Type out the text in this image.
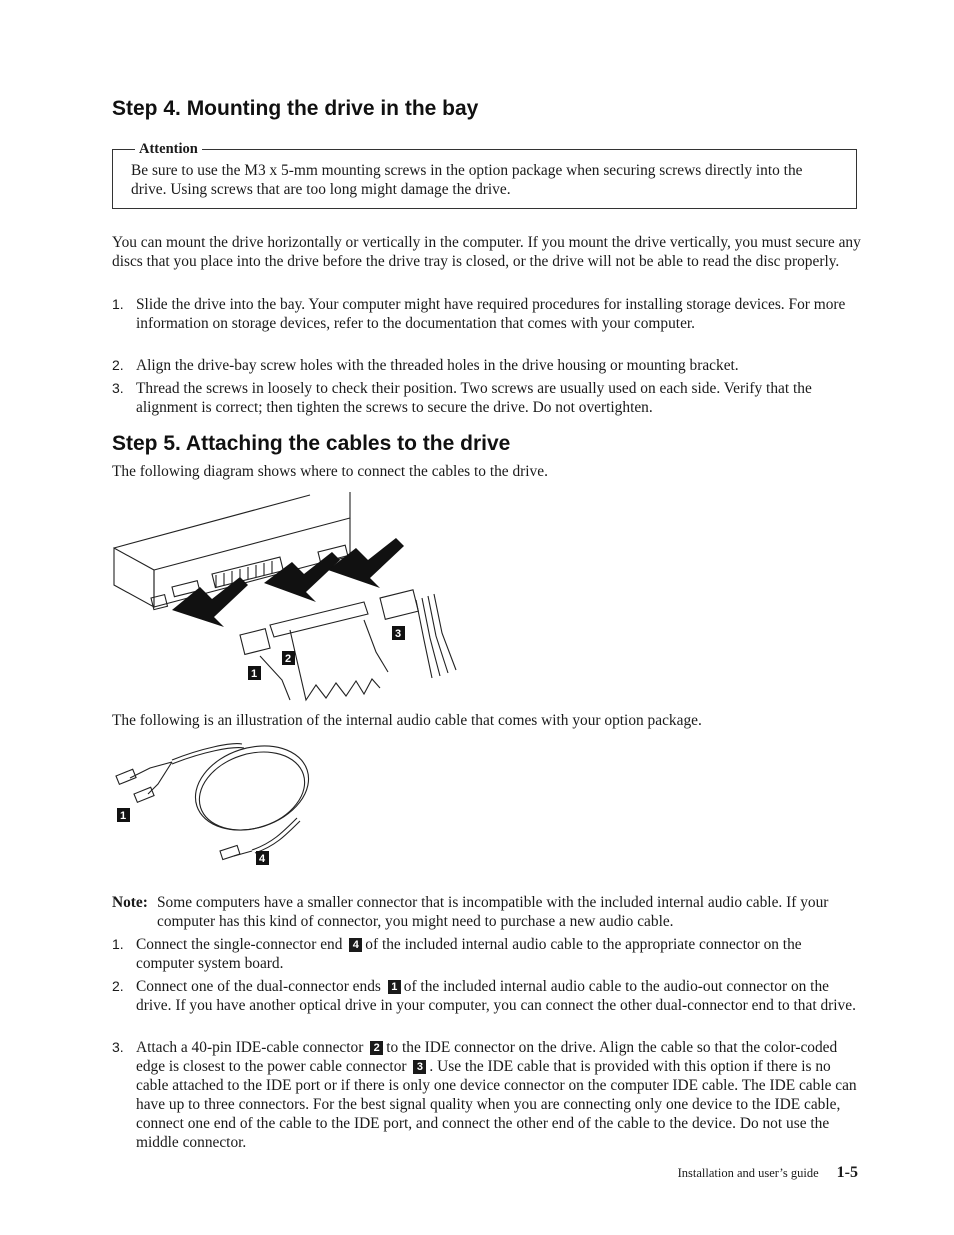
Step 4. Mounting the drive in the bay
Attention
Be sure to use the M3 x 5-mm mounting screws in the option package when securing screws directly into the drive. Using screws that are too long might damage the drive.

You can mount the drive horizontally or vertically in the computer. If you mount the drive vertically, you must secure any discs that you place into the drive before the drive tray is closed, or the drive will not be able to read the disc properly.

1. Slide the drive into the bay. Your computer might have required procedures for installing storage devices. For more information on storage devices, refer to the documentation that comes with your computer.
2. Align the drive-bay screw holes with the threaded holes in the drive housing or mounting bracket.
3. Thread the screws in loosely to check their position. Two screws are usually used on each side. Verify that the alignment is correct; then tighten the screws to secure the drive. Do not overtighten.
Step 5. Attaching the cables to the drive

The following diagram shows where to connect the cables to the drive.

1
2
3

The following is an illustration of the internal audio cable that comes with your option package.

1
4
Note: Some computers have a smaller connector that is incompatible with the included internal audio cable. If your computer has this kind of connector, you might need to purchase a new audio cable.
1. Connect the single-connector end 4 of the included internal audio cable to the appropriate connector on the computer system board.
2. Connect one of the dual-connector ends 1 of the included internal audio cable to the audio-out connector on the drive. If you have another optical drive in your computer, you can connect the other dual-connector end to that drive.
3. Attach a 40-pin IDE-cable connector 2 to the IDE connector on the drive. Align the cable so that the color-coded edge is closest to the power cable connector 3 . Use the IDE cable that is provided with this option if there is no cable attached to the IDE port or if there is only one device connector on the computer IDE cable. The IDE cable can have up to three connectors. For the best signal quality when you are connecting only one device to the IDE cable, connect one end of the cable to the IDE port, and connect the other end of the cable to the device. Do not use the middle connector.
Installation and user’s guide 1-5
